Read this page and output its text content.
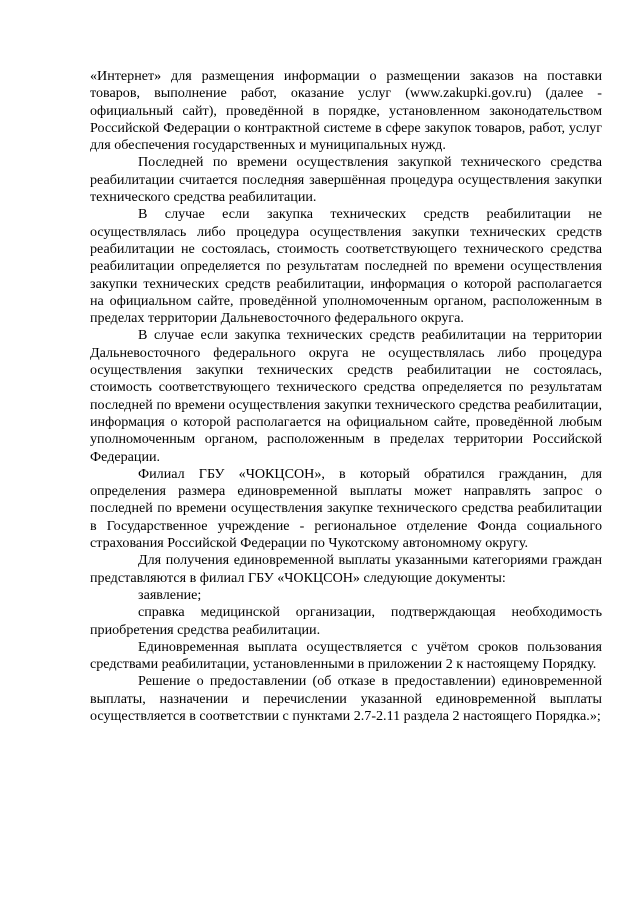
«Интернет» для размещения информации о размещении заказов на поставки товаров, выполнение работ, оказание услуг (www.zakupki.gov.ru) (далее - официальный сайт), проведённой в порядке, установленном законодательством Российской Федерации о контрактной системе в сфере закупок товаров, работ, услуг для обеспечения государственных и муниципальных нужд.

Последней по времени осуществления закупкой технического средства реабилитации считается последняя завершённая процедура осуществления закупки технического средства реабилитации.

В случае если закупка технических средств реабилитации не осуществлялась либо процедура осуществления закупки технических средств реабилитации не состоялась, стоимость соответствующего технического средства реабилитации определяется по результатам последней по времени осуществления закупки технических средств реабилитации, информация о которой располагается на официальном сайте, проведённой уполномоченным органом, расположенным в пределах территории Дальневосточного федерального округа.

В случае если закупка технических средств реабилитации на территории Дальневосточного федерального округа не осуществлялась либо процедура осуществления закупки технических средств реабилитации не состоялась, стоимость соответствующего технического средства определяется по результатам последней по времени осуществления закупки технического средства реабилитации, информация о которой располагается на официальном сайте, проведённой любым уполномоченным органом, расположенным в пределах территории Российской Федерации.

Филиал ГБУ «ЧОКЦСОН», в который обратился гражданин, для определения размера единовременной выплаты может направлять запрос о последней по времени осуществления закупке технического средства реабилитации в Государственное учреждение - региональное отделение Фонда социального страхования Российской Федерации по Чукотскому автономному округу.

Для получения единовременной выплаты указанными категориями граждан представляются в филиал ГБУ «ЧОКЦСОН» следующие документы:

заявление;

справка медицинской организации, подтверждающая необходимость приобретения средства реабилитации.

Единовременная выплата осуществляется с учётом сроков пользования средствами реабилитации, установленными в приложении 2 к настоящему Порядку.

Решение о предоставлении (об отказе в предоставлении) единовременной выплаты, назначении и перечислении указанной единовременной выплаты осуществляется в соответствии с пунктами 2.7-2.11 раздела 2 настоящего Порядка.»;
